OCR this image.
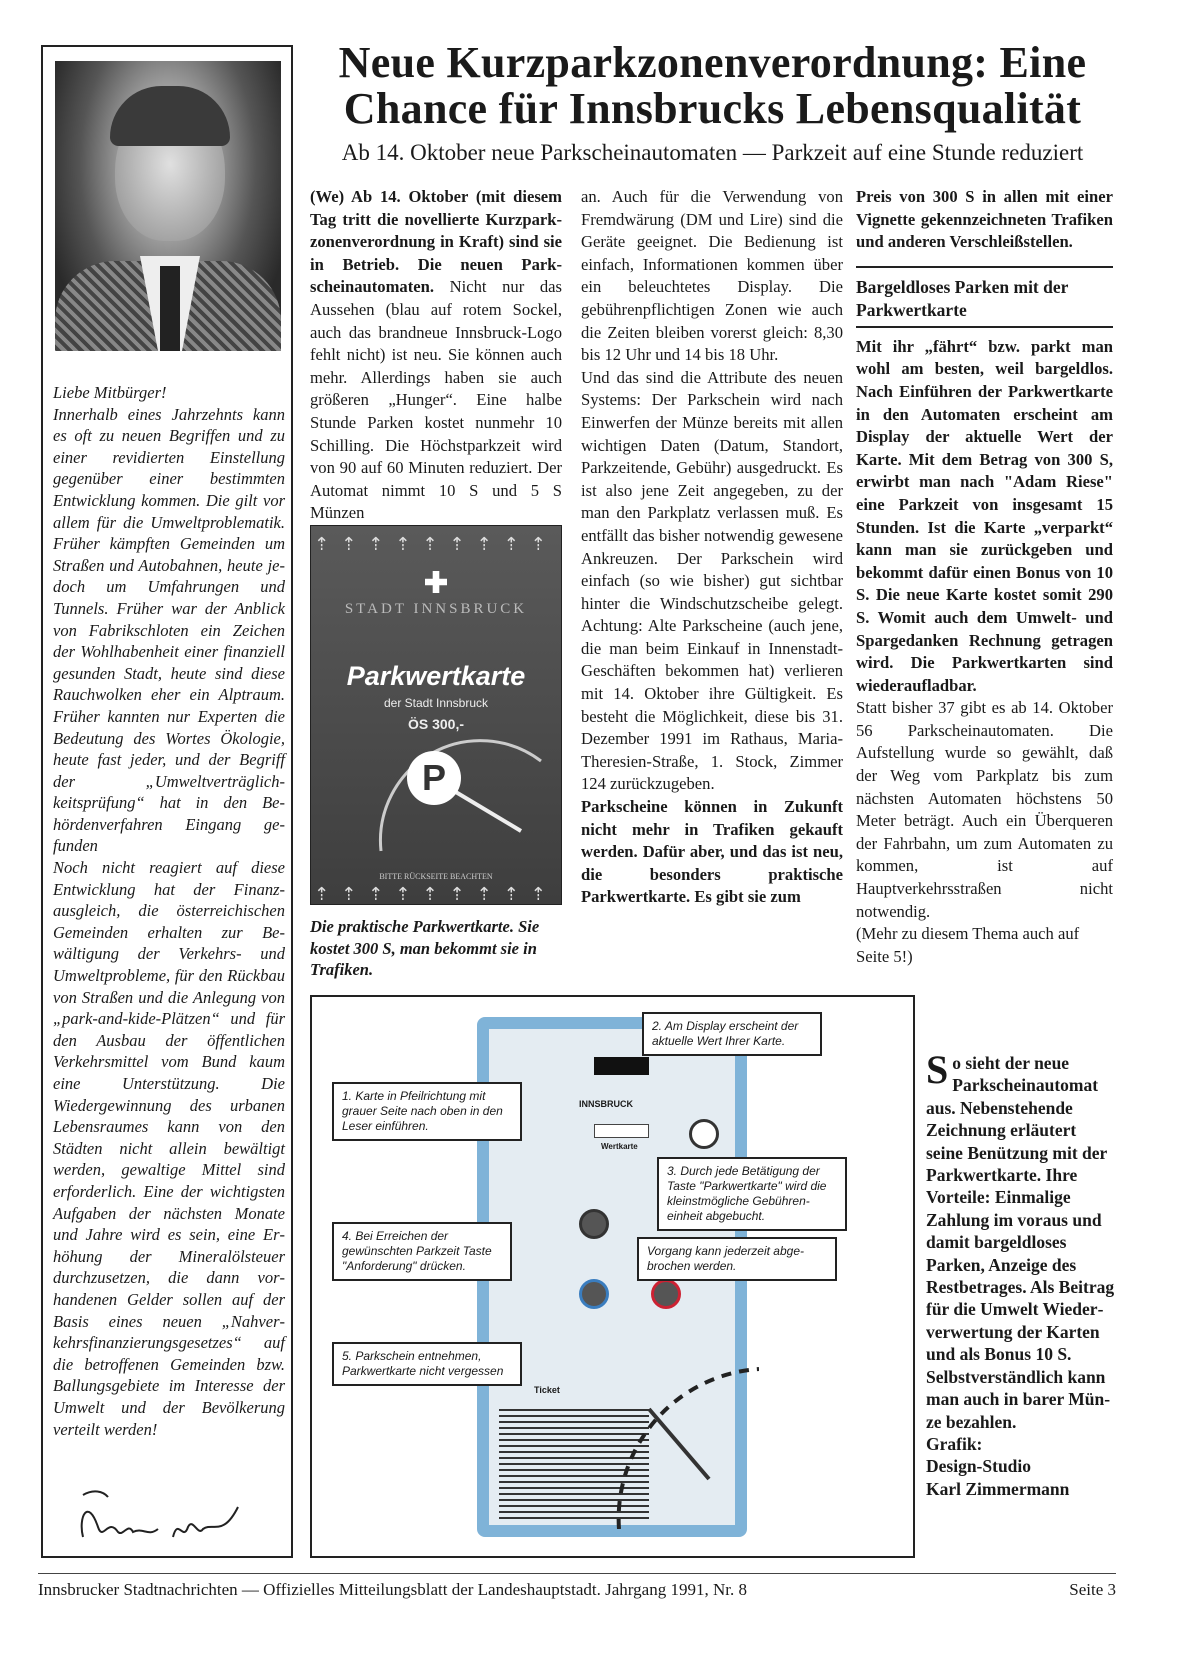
Liebe Mitbürger!

Innerhalb eines Jahrzehnts kann es oft zu neuen Begriffen und zu einer revidierten Einstellung gegenüber einer bestimmten Entwicklung kommen. Die gilt vor allem für die Umweltproblematik. Früher kämpften Gemeinden um Straßen und Autobahnen, heute jedoch um Umfahrungen und Tunnels. Früher war der Anblick von Fabrikschloten ein Zeichen der Wohlhabenheit einer finanziell gesunden Stadt, heute sind diese Rauchwolken eher ein Alptraum. Früher kannten nur Experten die Bedeutung des Wortes Ökologie, heute fast jeder, und der Begriff der „Umweltverträglichkeitsprüfung“ hat in den Behördenverfahren Eingang gefunden

Noch nicht reagiert auf diese Entwicklung hat der Finanzausgleich, die österreichischen Gemeinden erhalten zur Bewältigung der Verkehrs- und Umweltprobleme, für den Rückbau von Straßen und die Anlegung von „park-and-kide-Plätzen“ und für den Ausbau der öffentlichen Verkehrsmittel vom Bund kaum eine Unterstützung. Die Wiedergewinnung des urbanen Lebensraumes kann von den Städten nicht allein bewältigt werden, gewaltige Mittel sind erforderlich. Eine der wichtigsten Aufgaben der nächsten Monate und Jahre wird es sein, eine Erhöhung der Mineralölsteuer durchzusetzen, die dann vorhandenen Gelder sollen auf der Basis eines neuen „Nahverkehrsfinanzierungsgesetzes“ auf die betroffenen Gemeinden bzw. Ballungsgebiete im Interesse der Umwelt und der Bevölkerung verteilt werden!

Neue Kurzparkzonenverordnung: Eine Chance für Innsbrucks Lebensqualität
Ab 14. Oktober neue Parkscheinautomaten — Parkzeit auf eine Stunde reduziert
(We) Ab 14. Oktober (mit diesem Tag tritt die novellierte Kurzparkzonenverordnung in Kraft) sind sie in Betrieb. Die neuen Parkscheinautomaten. Nicht nur das Aussehen (blau auf rotem Sockel, auch das brandneue Innsbruck-Logo fehlt nicht) ist neu. Sie können auch mehr. Allerdings haben sie auch größeren „Hunger“. Eine halbe Stunde Parken kostet nunmehr 10 Schilling. Die Höchstparkzeit wird von 90 auf 60 Minuten reduziert. Der Automat nimmt 10 S und 5 S Münzen
⇡⇡⇡⇡⇡⇡⇡⇡⇡
STADT INNSBRUCK
Parkwertkarte
der Stadt Innsbruck
ÖS 300,-
P
BITTE RÜCKSEITE BEACHTEN
⇡⇡⇡⇡⇡⇡⇡⇡⇡
Die praktische Parkwertkarte. Sie kostet 300 S, man bekommt sie in Trafiken.

an. Auch für die Verwendung von Fremdwärung (DM und Lire) sind die Geräte geeignet. Die Bedienung ist einfach, Informationen kommen über ein beleuchtetes Display. Die gebührenpflichtigen Zonen wie auch die Zeiten bleiben vorerst gleich: 8,30 bis 12 Uhr und 14 bis 18 Uhr.

Und das sind die Attribute des neuen Systems: Der Parkschein wird nach Einwerfen der Münze bereits mit allen wichtigen Daten (Datum, Standort, Parkzeitende, Gebühr) ausgedruckt. Es ist also jene Zeit angegeben, zu der man den Parkplatz verlassen muß. Es entfällt das bisher notwendig gewesene Ankreuzen. Der Parkschein wird einfach (so wie bisher) gut sichtbar hinter die Windschutzscheibe gelegt. Achtung: Alte Parkscheine (auch jene, die man beim Einkauf in Innenstadt-Geschäften bekommen hat) verlieren mit 14. Oktober ihre Gültigkeit. Es besteht die Möglichkeit, diese bis 31. Dezember 1991 im Rathaus, Maria-Theresien-Straße, 1. Stock, Zimmer 124 zurückzugeben.

Parkscheine können in Zukunft nicht mehr in Trafiken gekauft werden. Dafür aber, und das ist neu, die besonders praktische Parkwertkarte. Es gibt sie zum

Preis von 300 S in allen mit einer Vignette gekennzeichneten Trafiken und anderen Verschleißstellen.

Bargeldloses Parken mit der Parkwertkarte

Mit ihr „fährt“ bzw. parkt man wohl am besten, weil bargeldlos. Nach Einführen der Parkwertkarte in den Automaten erscheint am Display der aktuelle Wert der Karte. Mit dem Betrag von 300 S, erwirbt man nach "Adam Riese" eine Parkzeit von insgesamt 15 Stunden. Ist die Karte „verparkt“ kann man sie zurückgeben und bekommt dafür einen Bonus von 10 S. Die neue Karte kostet somit 290 S. Womit auch dem Umwelt- und Spargedanken Rechnung getragen wird. Die Parkwertkarten sind wiederaufladbar.

Statt bisher 37 gibt es ab 14. Oktober 56 Parkscheinautomaten. Die Aufstellung wurde so gewählt, daß der Weg vom Parkplatz bis zum nächsten Automaten höchstens 50 Meter beträgt. Auch ein Überqueren der Fahrbahn, um zum Automaten zu kommen, ist auf Hauptverkehrsstraßen nicht notwendig.

(Mehr zu diesem Thema auch auf Seite 5!)

INNSBRUCK
Wertkarte
Ticket
2. Am Display erscheint der aktuelle Wert Ihrer Karte.
1. Karte in Pfeilrichtung mit grauer Seite nach oben in den Leser einführen.
3. Durch jede Betätigung der Taste "Parkwertkarte" wird die kleinstmögliche Gebühreneinheit abgebucht.
4. Bei Erreichen der gewünschten Parkzeit Taste "Anforderung" drücken.
Vorgang kann jederzeit abgebrochen werden.
5. Parkschein entnehmen, Parkwertkarte nicht vergessen
So sieht der neue Parkscheinautomat aus. Nebenstehende Zeichnung erläutert seine Benützung mit der Parkwertkarte. Ihre Vorteile: Einmalige Zahlung im voraus und damit bargeldloses Parken, Anzeige des Restbetrages. Als Beitrag für die Umwelt Wiederverwertung der Karten und als Bonus 10 S. Selbstverständlich kann man auch in barer Münze bezahlen.
Grafik:
Design-Studio
Karl Zimmermann
Innsbrucker Stadtnachrichten — Offizielles Mitteilungsblatt der Landeshauptstadt. Jahrgang 1991, Nr. 8	Seite 3
